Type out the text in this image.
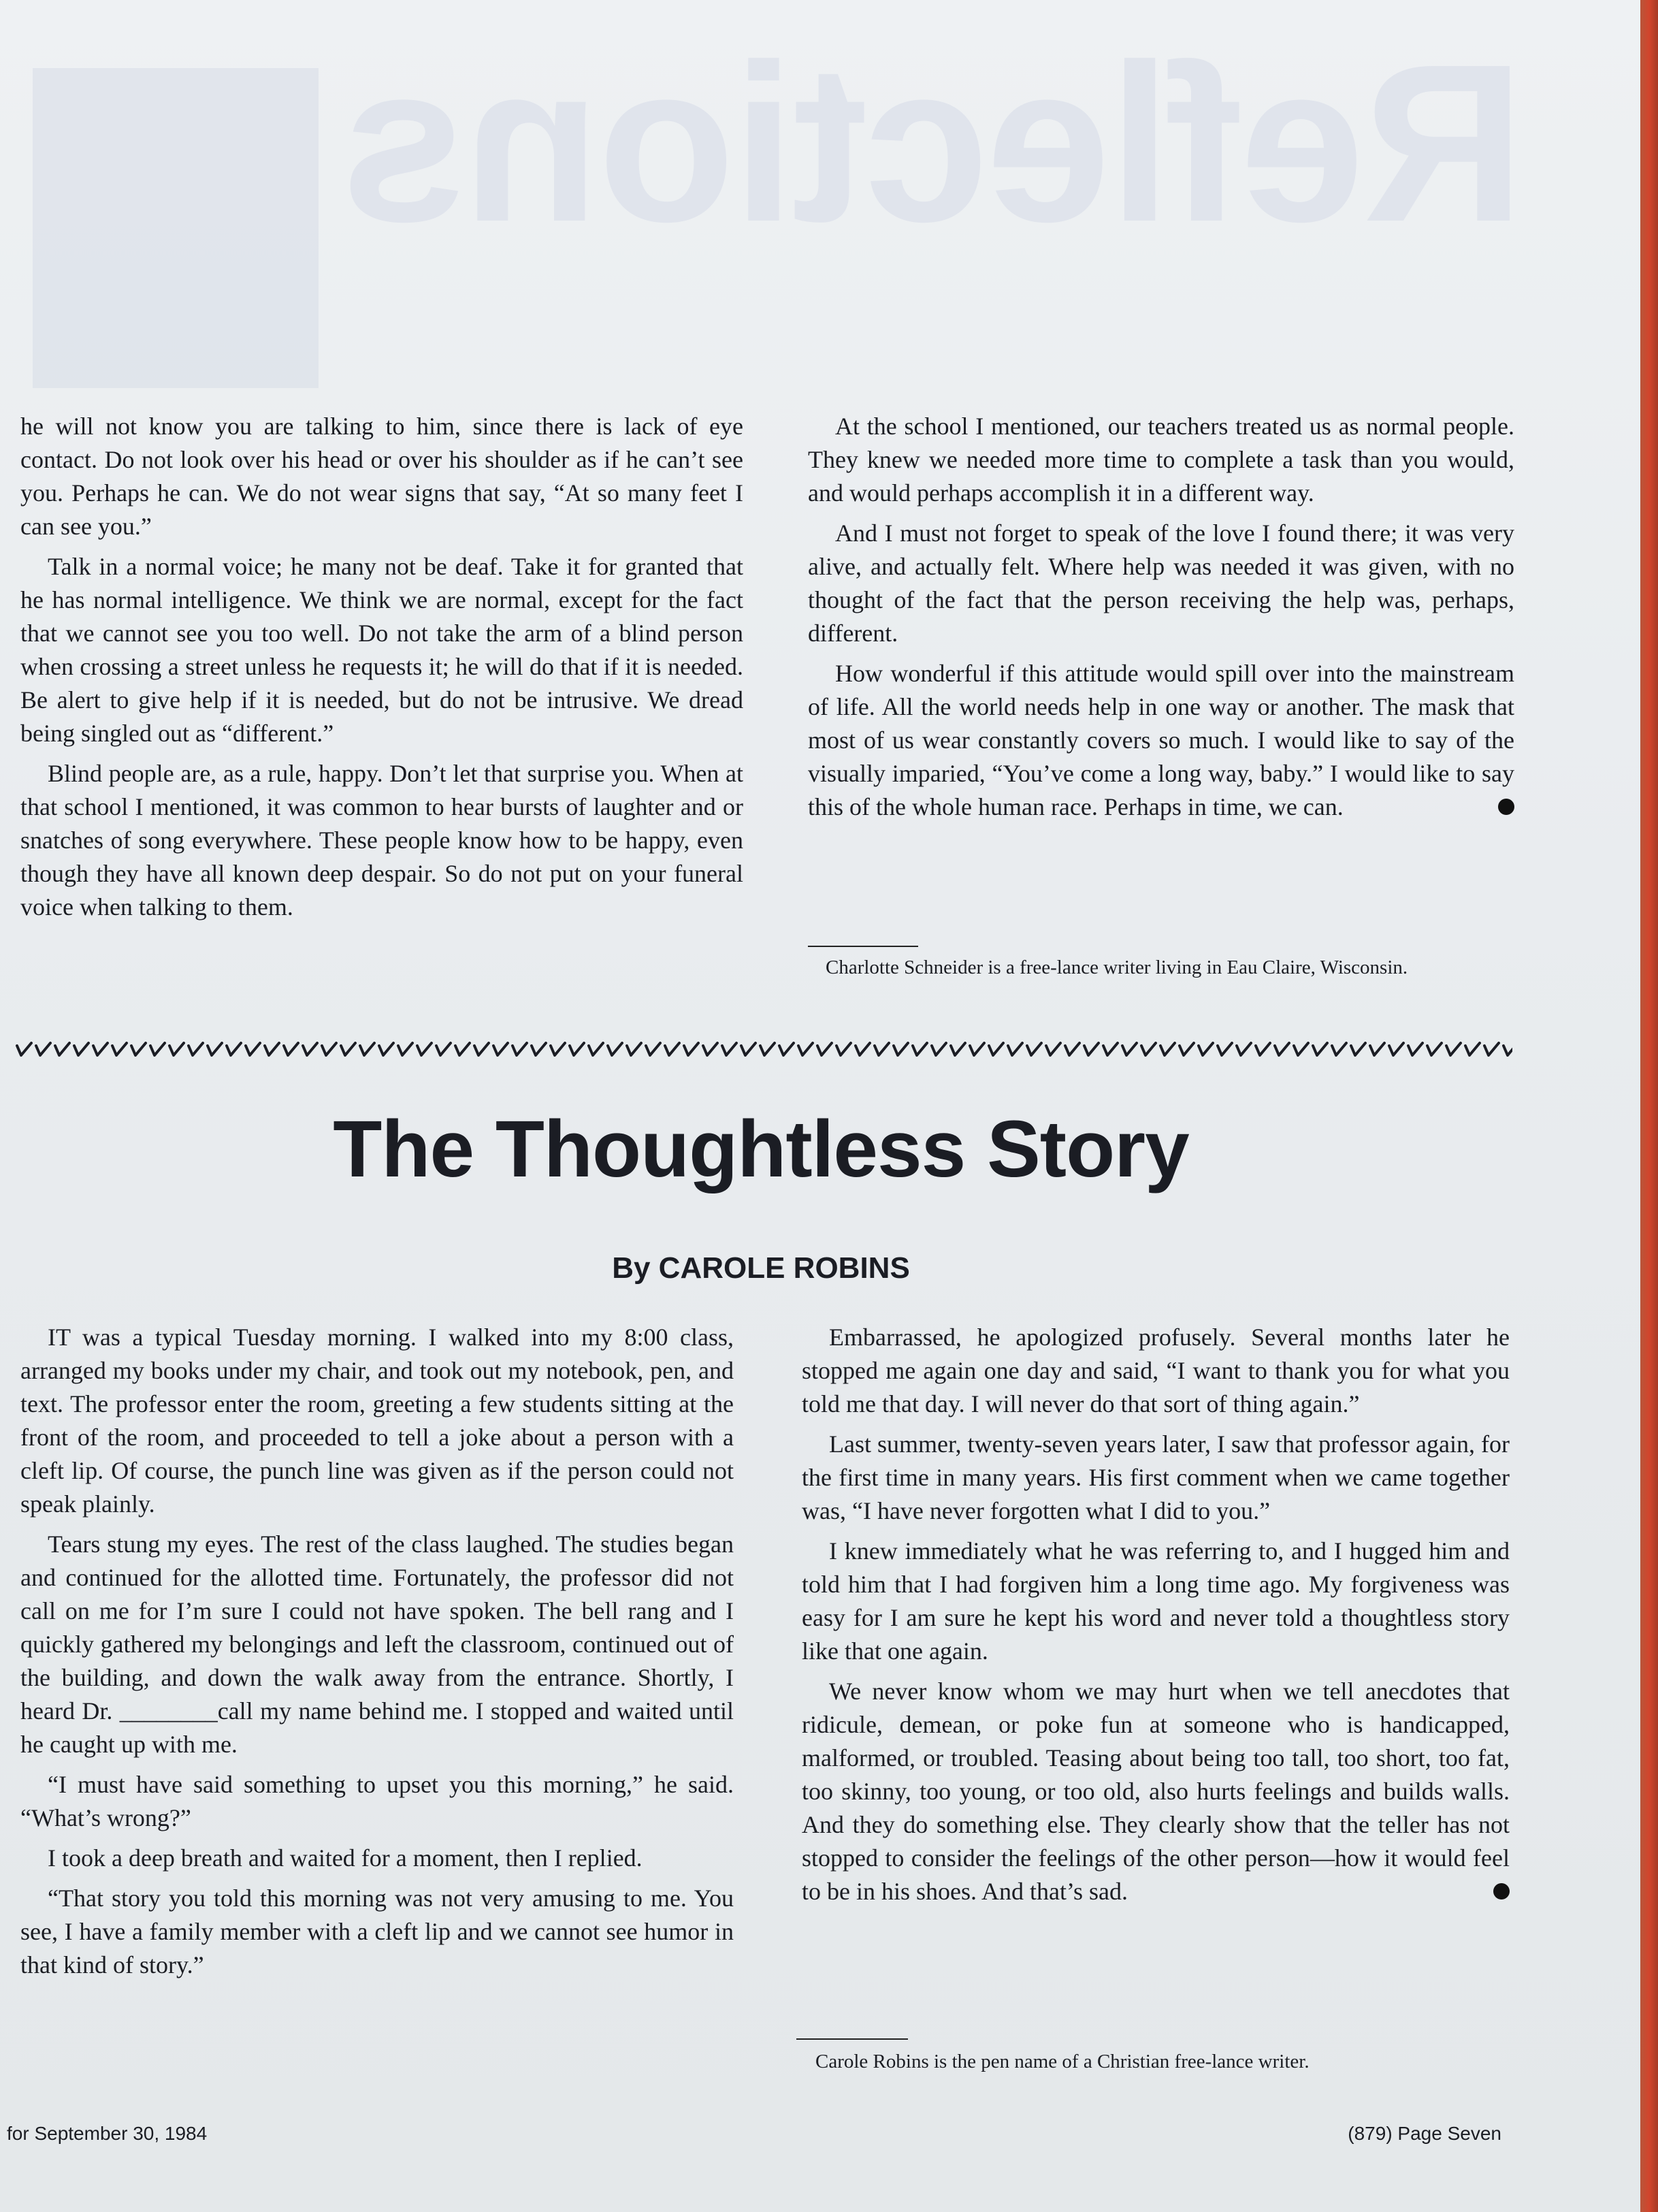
Reflections

he will not know you are talking to him, since there is lack of eye contact. Do not look over his head or over his shoulder as if he can’t see you. Perhaps he can. We do not wear signs that say, “At so many feet I can see you.”

Talk in a normal voice; he many not be deaf. Take it for granted that he has normal intelligence. We think we are normal, except for the fact that we cannot see you too well. Do not take the arm of a blind person when crossing a street unless he requests it; he will do that if it is needed. Be alert to give help if it is needed, but do not be intrusive. We dread being singled out as “different.”

Blind people are, as a rule, happy. Don’t let that surprise you. When at that school I mentioned, it was common to hear bursts of laughter and or snatches of song everywhere. These people know how to be happy, even though they have all known deep despair. So do not put on your funeral voice when talking to them.

At the school I mentioned, our teachers treated us as normal people. They knew we needed more time to complete a task than you would, and would perhaps accomplish it in a different way.

And I must not forget to speak of the love I found there; it was very alive, and actually felt. Where help was needed it was given, with no thought of the fact that the person receiving the help was, perhaps, different.

How wonderful if this attitude would spill over into the mainstream of life. All the world needs help in one way or another. The mask that most of us wear constantly covers so much. I would like to say of the visually imparied, “You’ve come a long way, baby.” I would like to say this of the whole human race. Perhaps in time, we can.

Charlotte Schneider is a free-lance writer living in Eau Claire, Wisconsin.
The Thoughtless Story
By CAROLE ROBINS

IT was a typical Tuesday morning. I walked into my 8:00 class, arranged my books under my chair, and took out my notebook, pen, and text. The professor enter the room, greeting a few students sitting at the front of the room, and proceeded to tell a joke about a person with a cleft lip. Of course, the punch line was given as if the person could not speak plainly.

Tears stung my eyes. The rest of the class laughed. The studies began and continued for the allotted time. Fortunately, the professor did not call on me for I’m sure I could not have spoken. The bell rang and I quickly gathered my belongings and left the classroom, continued out of the building, and down the walk away from the entrance. Shortly, I heard Dr. ________call my name behind me. I stopped and waited until he caught up with me.

“I must have said something to upset you this morning,” he said. “What’s wrong?”

I took a deep breath and waited for a moment, then I replied.

“That story you told this morning was not very amusing to me. You see, I have a family member with a cleft lip and we cannot see humor in that kind of story.”

Embarrassed, he apologized profusely. Several months later he stopped me again one day and said, “I want to thank you for what you told me that day. I will never do that sort of thing again.”

Last summer, twenty-seven years later, I saw that professor again, for the first time in many years. His first comment when we came together was, “I have never forgotten what I did to you.”

I knew immediately what he was referring to, and I hugged him and told him that I had forgiven him a long time ago. My forgiveness was easy for I am sure he kept his word and never told a thoughtless story like that one again.

We never know whom we may hurt when we tell anecdotes that ridicule, demean, or poke fun at someone who is handicapped, malformed, or troubled. Teasing about being too tall, too short, too fat, too skinny, too young, or too old, also hurts feelings and builds walls. And they do something else. They clearly show that the teller has not stopped to consider the feelings of the other person—how it would feel to be in his shoes. And that’s sad.

Carole Robins is the pen name of a Christian free-lance writer.
for September 30, 1984	(879) Page Seven
